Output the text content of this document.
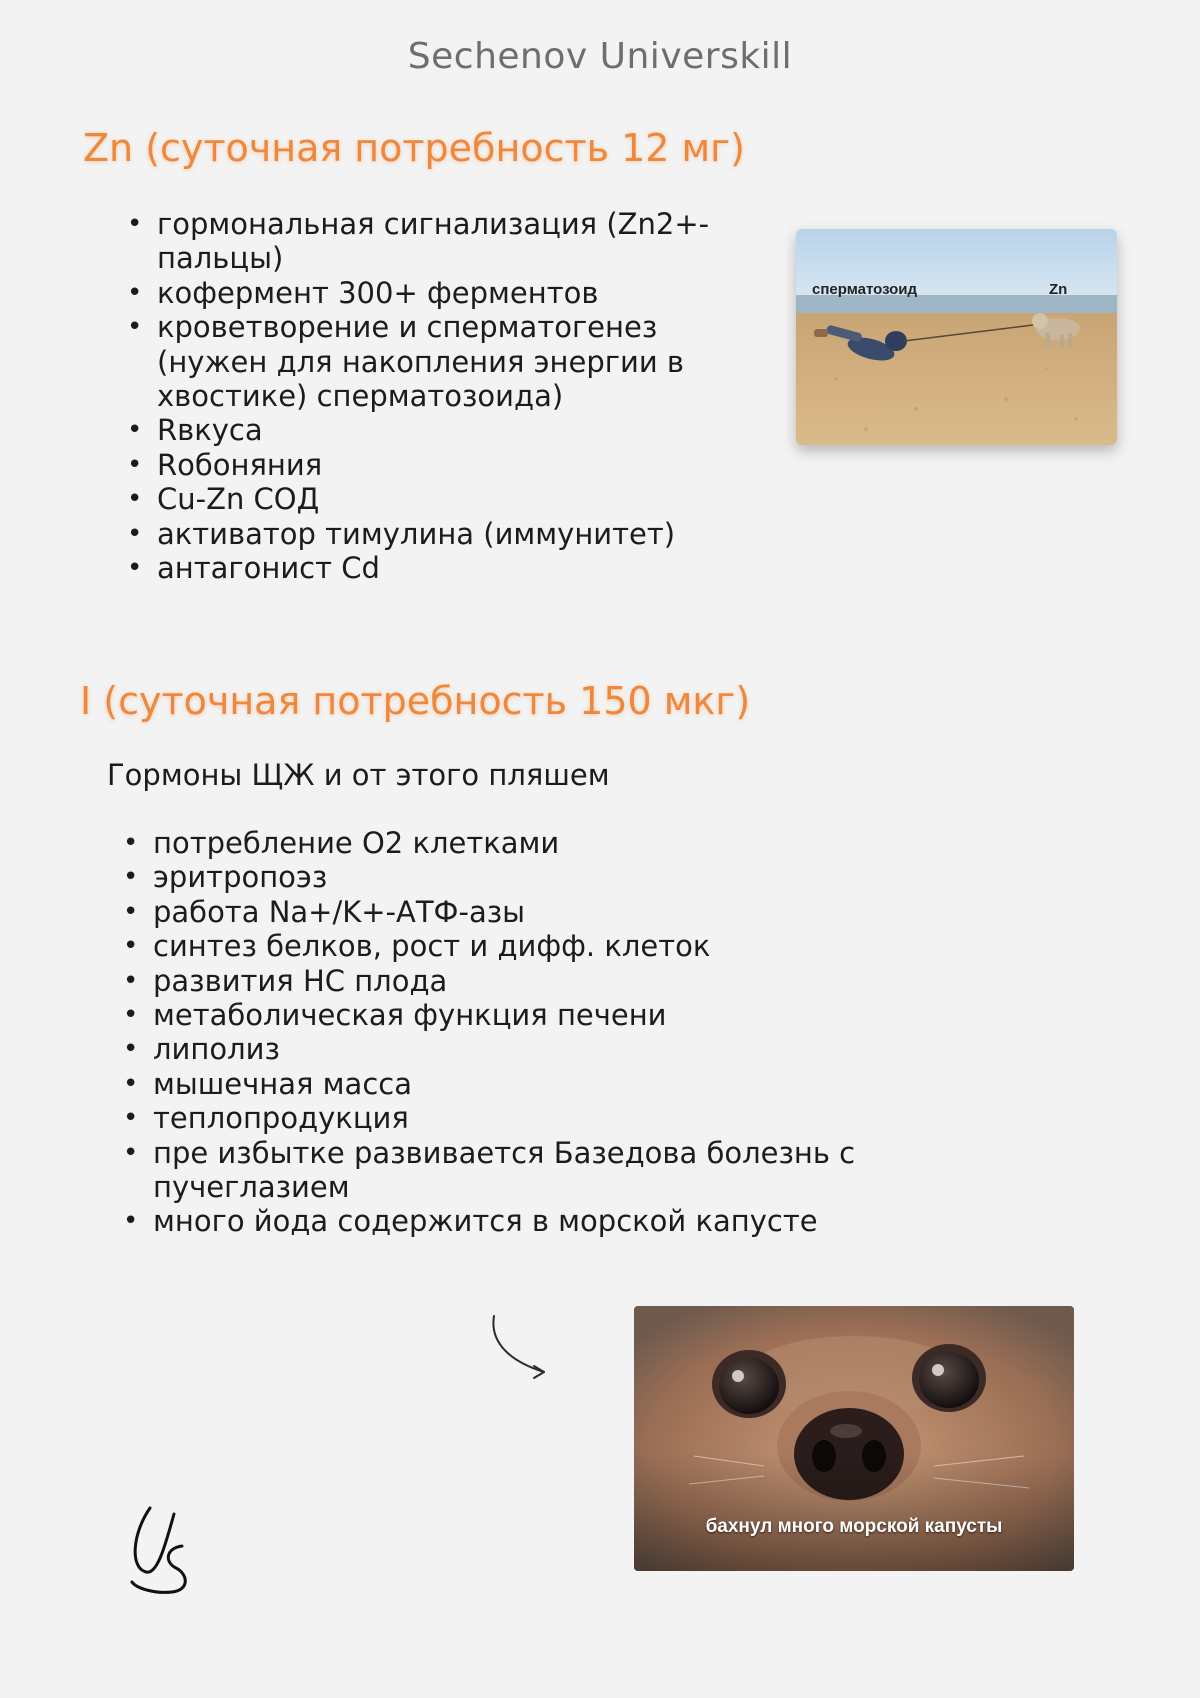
Sechenov Universkill
Zn (суточная потребность 12 мг)
• гормональная сигнализация (Zn2+-пальцы)
• кофермент 300+ ферментов
• кроветворение и сперматогенез (нужен для накопления энергии в хвостике) сперматозоида)
• Rвкуса
• Rобоняния
• Cu-Zn СОД
• активатор тимулина (иммунитет)
• антагонист Cd
сперматозоид	Zn
I (суточная потребность 150 мкг)

Гормоны ЩЖ и от этого пляшем

• потребление О2 клетками
• эритропоэз
• работа Na+/K+-АТФ-азы
• синтез белков, рост и дифф. клеток
• развития НС плода
• метаболическая функция печени
• липолиз
• мышечная масса
• теплопродукция
• пре избытке развивается Базедова болезнь с пучеглазием
• много йода содержится в морской капусте
бахнул много морской капусты
